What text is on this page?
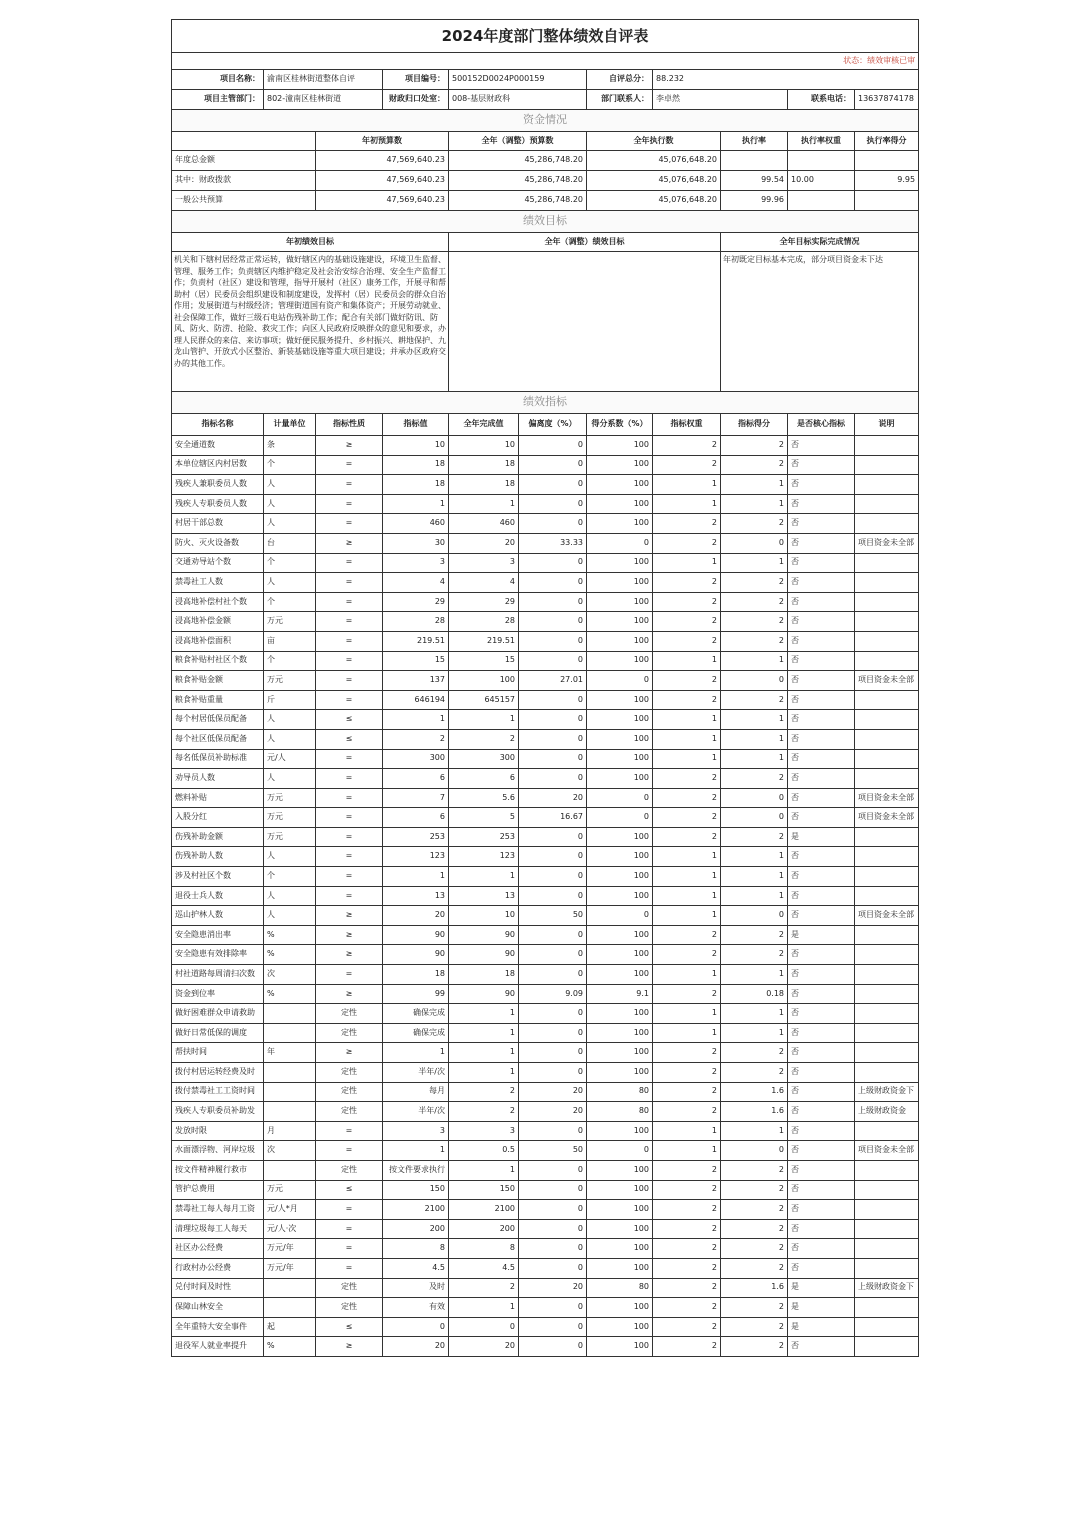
2024年度部门整体绩效自评表										
状态：绩效审核已审										
项目名称：	渝南区桂林街道整体自评		项目编号：	500152D0024P000159		自评总分：	88.232			
项目主管部门：	802-潼南区桂林街道		财政归口处室：	008-基层财政科		部门联系人：	李卓然		联系电话：	13637874178
资金情况										
		年初预算数		全年（调整）预算数		全年执行数		执行率	执行率权重	执行率得分
年度总金额		47,569,640.23		45,286,748.20		45,076,648.20				
其中：财政拨款		47,569,640.23		45,286,748.20		45,076,648.20		99.54	10.00	9.95
一般公共预算		47,569,640.23		45,286,748.20		45,076,648.20		99.96		
绩效目标										
年初绩效目标				全年（调整）绩效目标				全年目标实际完成情况		
机关和下辖村居经常正常运转，做好辖区内的基础设施建设，环境卫生监督、管理、服务工作；负责辖区内维护稳定及社会治安综合治理、安全生产监督工作；负责村（社区）建设和管理，指导开展村（社区）康务工作，开展寻和帮助村（居）民委员会组织建设和制度建设，发挥村（居）民委员会的群众自治作用；发展街道与村级经济；管理街道国有资产和集体资产；开展劳动就业、社会保障工作，做好三级石电站伤残补助工作；配合有关部门做好防讯、防风、防火、防涝、抢险、救灾工作；向区人民政府反映群众的意见和要求，办理人民群众的来信、来访事项；做好便民服务提升、乡村振兴、耕地保护、九龙山管护、开放式小区整治、新装基础设施等重大项目建设；并承办区政府交办的其他工作。								年初既定目标基本完成，部分项目资金未下达		
绩效指标										
指标名称	计量单位	指标性质	指标值	全年完成值	偏离度（%）	得分系数（%）	指标权重	指标得分	是否核心指标	说明
安全通道数	条	≥	10	10	0	100	2	2	否	
本单位辖区内村居数	个	=	18	18	0	100	2	2	否	
残疾人兼职委员人数	人	=	18	18	0	100	1	1	否	
残疾人专职委员人数	人	=	1	1	0	100	1	1	否	
村居干部总数	人	=	460	460	0	100	2	2	否	
防火、灭火设备数	台	≥	30	20	33.33	0	2	0	否	项目资金未全部
交通劝导站个数	个	=	3	3	0	100	1	1	否	
禁毒社工人数	人	=	4	4	0	100	2	2	否	
浸高地补偿村社个数	个	=	29	29	0	100	2	2	否	
浸高地补偿金额	万元	=	28	28	0	100	2	2	否	
浸高地补偿面积	亩	=	219.51	219.51	0	100	2	2	否	
粮食补贴村社区个数	个	=	15	15	0	100	1	1	否	
粮食补贴金额	万元	=	137	100	27.01	0	2	0	否	项目资金未全部
粮食补贴重量	斤	=	646194	645157	0	100	2	2	否	
每个村居低保员配备	人	≤	1	1	0	100	1	1	否	
每个社区低保员配备	人	≤	2	2	0	100	1	1	否	
每名低保员补助标准	元/人	=	300	300	0	100	1	1	否	
劝导员人数	人	=	6	6	0	100	2	2	否	
燃料补贴	万元	=	7	5.6	20	0	2	0	否	项目资金未全部
入股分红	万元	=	6	5	16.67	0	2	0	否	项目资金未全部
伤残补助金额	万元	=	253	253	0	100	2	2	是	
伤残补助人数	人	=	123	123	0	100	1	1	否	
涉及村社区个数	个	=	1	1	0	100	1	1	否	
退役士兵人数	人	=	13	13	0	100	1	1	否	
巡山护林人数	人	≥	20	10	50	0	1	0	否	项目资金未全部
安全隐患消出率	%	≥	90	90	0	100	2	2	是	
安全隐患有效排除率	%	≥	90	90	0	100	2	2	否	
村社道路每周清扫次数	次	=	18	18	0	100	1	1	否	
资金到位率	%	≥	99	90	9.09	9.1	2	0.18	否	
做好困难群众申请救助		定性	确保完成	1	0	100	1	1	否	
做好日常低保的调度		定性	确保完成	1	0	100	1	1	否	
帮扶时间	年	≥	1	1	0	100	2	2	否	
拨付村居运转经费及时		定性	半年/次	1	0	100	2	2	否	
拨付禁毒社工工资时间		定性	每月	2	20	80	2	1.6	否	上级财政资金下
残疾人专职委员补助发		定性	半年/次	2	20	80	2	1.6	否	上级财政资金
发放时限	月	=	3	3	0	100	1	1	否	
水面漂浮物、河岸垃圾	次	=	1	0.5	50	0	1	0	否	项目资金未全部
按文件精神履行救市		定性	按文件要求执行	1	0	100	2	2	否	
管护总费用	万元	≤	150	150	0	100	2	2	否	
禁毒社工每人每月工资	元/人*月	=	2100	2100	0	100	2	2	否	
清理垃圾每工人每天	元/人·次	=	200	200	0	100	2	2	否	
社区办公经费	万元/年	=	8	8	0	100	2	2	否	
行政村办公经费	万元/年	=	4.5	4.5	0	100	2	2	否	
兑付时间及时性		定性	及时	2	20	80	2	1.6	是	上级财政资金下
保障山林安全		定性	有效	1	0	100	2	2	是	
全年重特大安全事件	起	≤	0	0	0	100	2	2	是	
退役军人就业率提升	%	≥	20	20	0	100	2	2	否	
